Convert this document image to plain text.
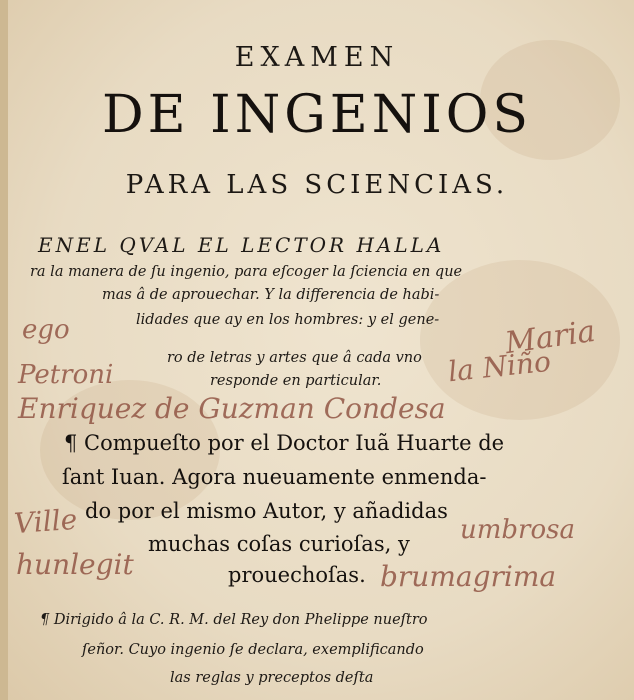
EXAMEN
DE INGENIOS
PARA LAS SCIENCIAS.
ENEL QVAL EL LECTOR HALLA
ra la manera de ſu ingenio, para eſcoger la ſciencia en que
mas â de aprouechar. Y la differencia de habi-
lidades que ay en los hombres: y el gene-
ro de letras y artes que â cada vno
responde en particular.
¶ Compueſto por el Doctor Iuã Huarte de
ſant Iuan. Agora nueuamente enmenda-
do por el mismo Autor, y añadidas
muchas coſas curioſas, y
prouechoſas.
¶ Dirigido â la C. R. M. del Rey don Phelippe nueſtro
ſeñor. Cuyo ingenio ſe declara, exemplificando
las reglas y preceptos deſta
ego	Maria
Petroni	la Niño
Enriquez de Guzman Condesa
Ville	umbrosa
hunlegit	brumagrima
